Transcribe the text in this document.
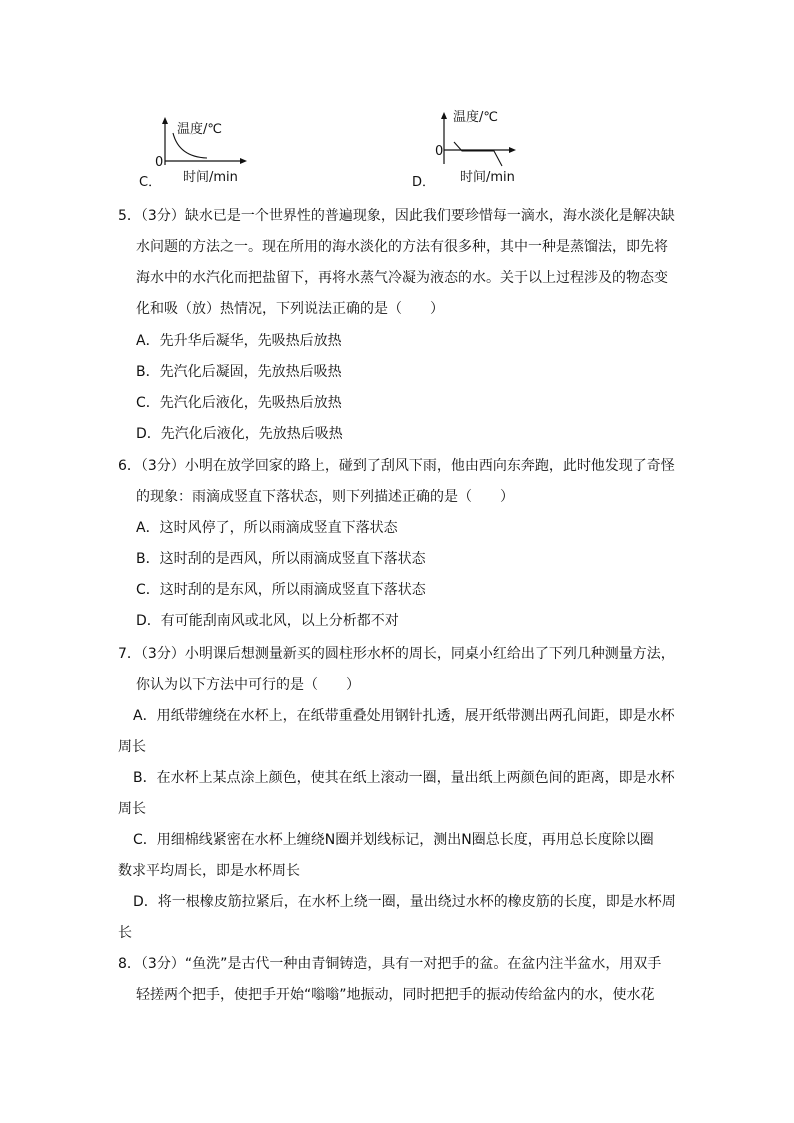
C．
温度/℃
0
时间/min	D．
温度/℃
0
时间/min
5．（3分）缺水已是一个世界性的普遍现象，因此我们要珍惜每一滴水，海水淡化是解决缺
水问题的方法之一。现在所用的海水淡化的方法有很多种，其中一种是蒸馏法，即先将
海水中的水汽化而把盐留下，再将水蒸气冷凝为液态的水。关于以上过程涉及的物态变
化和吸（放）热情况，下列说法正确的是（　　）
A．先升华后凝华，先吸热后放热
B．先汽化后凝固，先放热后吸热
C．先汽化后液化，先吸热后放热
D．先汽化后液化，先放热后吸热
6．（3分）小明在放学回家的路上，碰到了刮风下雨，他由西向东奔跑，此时他发现了奇怪
的现象：雨滴成竖直下落状态，则下列描述正确的是（　　）
A．这时风停了，所以雨滴成竖直下落状态
B．这时刮的是西风，所以雨滴成竖直下落状态
C．这时刮的是东风，所以雨滴成竖直下落状态
D．有可能刮南风或北风，以上分析都不对
7．（3分）小明课后想测量新买的圆柱形水杯的周长，同桌小红给出了下列几种测量方法，
你认为以下方法中可行的是（　　）
A．用纸带缠绕在水杯上，在纸带重叠处用钢针扎透，展开纸带测出两孔间距，即是水杯
周长
B．在水杯上某点涂上颜色，使其在纸上滚动一圈，量出纸上两颜色间的距离，即是水杯
周长
C．用细棉线紧密在水杯上缠绕N圈并划线标记，测出N圈总长度，再用总长度除以圈
数求平均周长，即是水杯周长
D．将一根橡皮筋拉紧后，在水杯上绕一圈，量出绕过水杯的橡皮筋的长度，即是水杯周
长
8．（3分）“鱼洗”是古代一种由青铜铸造，具有一对把手的盆。在盆内注半盆水，用双手
轻搓两个把手，使把手开始“嗡嗡”地振动，同时把把手的振动传给盆内的水，使水花
